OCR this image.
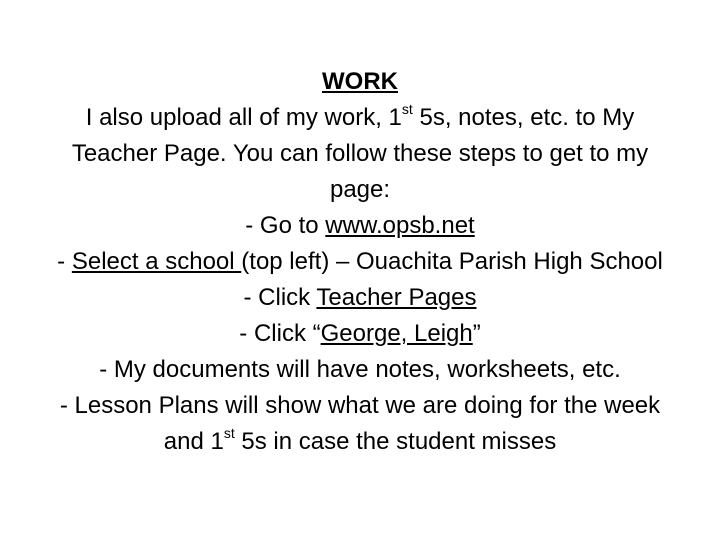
WORK
I also upload all of my work, 1st 5s, notes, etc. to My
Teacher Page. You can follow these steps to get to my
page:
- Go to www.opsb.net
- Select a school (top left) – Ouachita Parish High School
- Click Teacher Pages
- Click “George, Leigh”
- My documents will have notes, worksheets, etc.
- Lesson Plans will show what we are doing for the week
and 1st 5s in case the student misses
